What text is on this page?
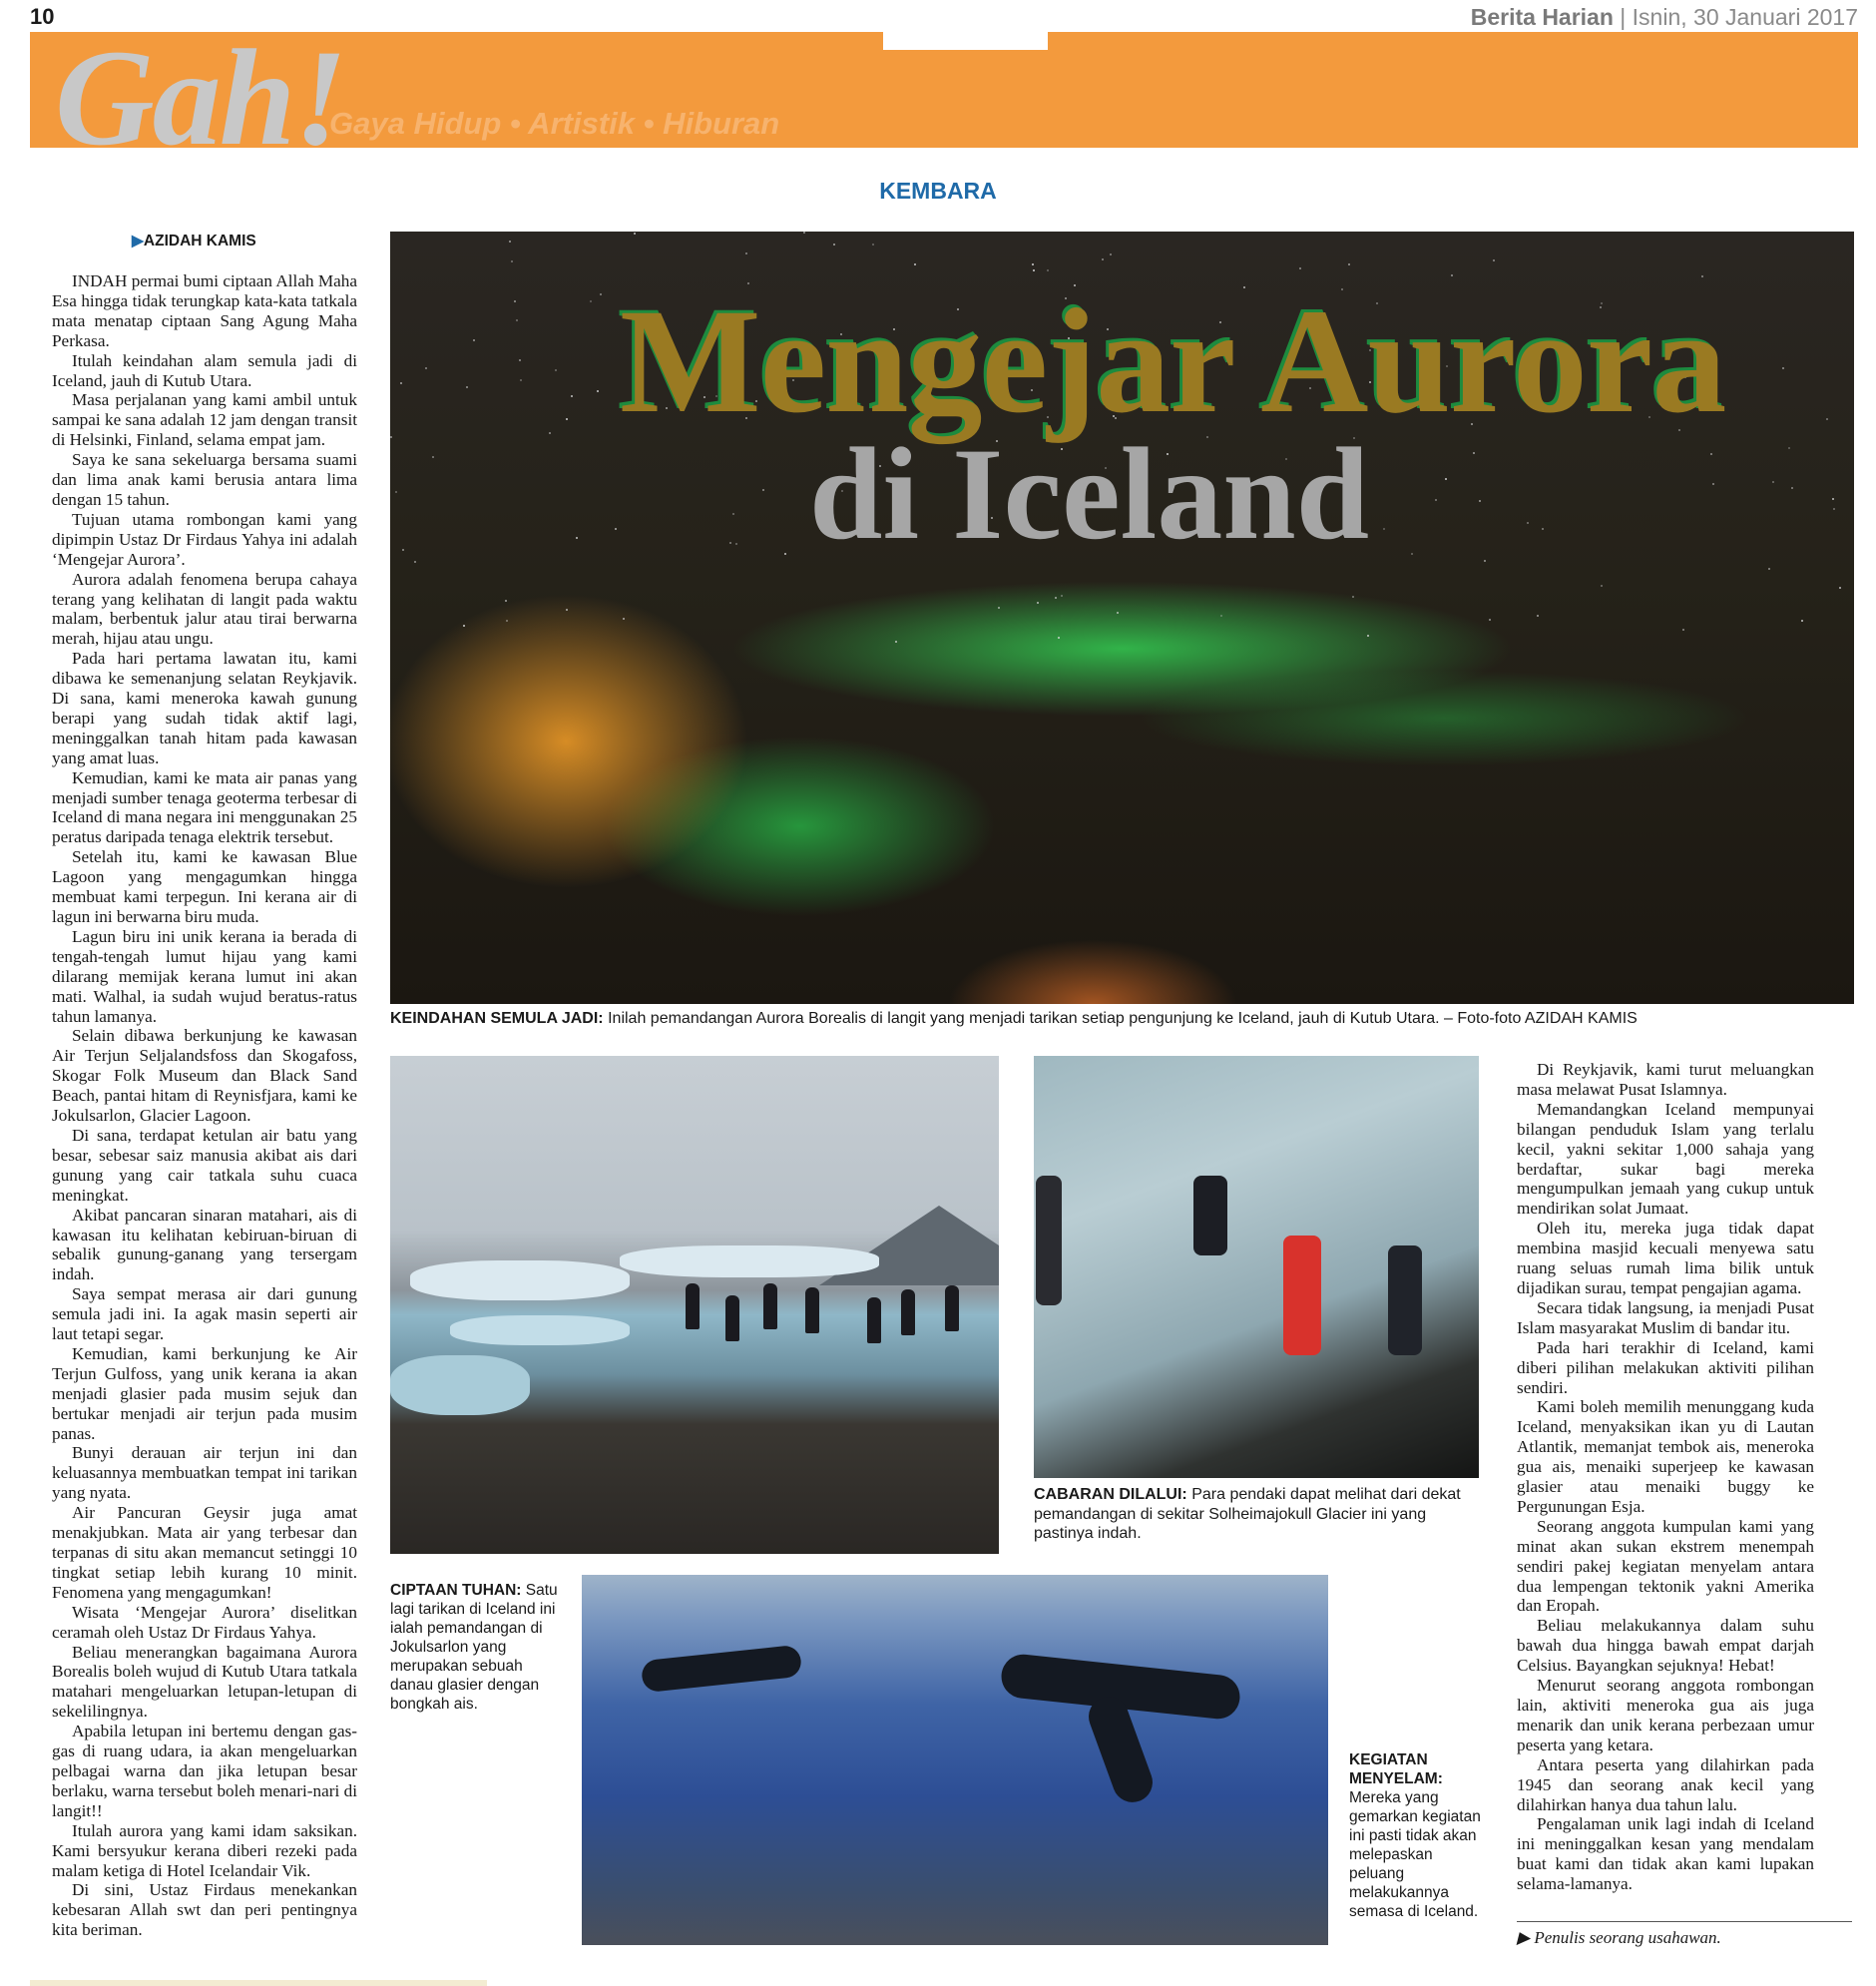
10	Berita Harian | Isnin, 30 Januari 2017
Gah!
Gaya Hidup • Artistik • Hiburan
KEMBARA
▶AZIDAH KAMIS

INDAH permai bumi ciptaan Allah Maha Esa hingga tidak terungkap kata-kata tatkala mata menatap ciptaan Sang Agung Maha Perkasa.

Itulah keindahan alam semula jadi di Iceland, jauh di Kutub Utara.

Masa perjalanan yang kami ambil untuk sampai ke sana adalah 12 jam dengan transit di Helsinki, Finland, selama empat jam.

Saya ke sana sekeluarga bersama suami dan lima anak kami berusia antara lima dengan 15 tahun.

Tujuan utama rombongan kami yang dipimpin Ustaz Dr Firdaus Yahya ini adalah ‘Mengejar Aurora’.

Aurora adalah fenomena berupa cahaya terang yang kelihatan di langit pada waktu malam, berbentuk jalur atau tirai berwarna merah, hijau atau ungu.

Pada hari pertama lawatan itu, kami dibawa ke semenanjung selatan Reykjavik. Di sana, kami meneroka kawah gunung berapi yang sudah tidak aktif lagi, meninggalkan tanah hitam pada kawasan yang amat luas.

Kemudian, kami ke mata air panas yang menjadi sumber tenaga geoterma terbesar di Iceland di mana negara ini menggunakan 25 peratus daripada tenaga elektrik tersebut.

Setelah itu, kami ke kawasan Blue Lagoon yang mengagumkan hingga membuat kami terpegun. Ini kerana air di lagun ini berwarna biru muda.

Lagun biru ini unik kerana ia berada di tengah-tengah lumut hijau yang kami dilarang memijak kerana lumut ini akan mati. Walhal, ia sudah wujud beratus-ratus tahun lamanya.

Selain dibawa berkunjung ke kawasan Air Terjun Seljalandsfoss dan Skogafoss, Skogar Folk Museum dan Black Sand Beach, pantai hitam di Reynisfjara, kami ke Jokulsarlon, Glacier Lagoon.

Di sana, terdapat ketulan air batu yang besar, sebesar saiz manusia akibat ais dari gunung yang cair tatkala suhu cuaca meningkat.

Akibat pancaran sinaran matahari, ais di kawasan itu kelihatan kebiruan-biruan di sebalik gunung-ganang yang tersergam indah.

Saya sempat merasa air dari gunung semula jadi ini. Ia agak masin seperti air laut tetapi segar.

Kemudian, kami berkunjung ke Air Terjun Gulfoss, yang unik kerana ia akan menjadi glasier pada musim sejuk dan bertukar menjadi air terjun pada musim panas.

Bunyi derauan air terjun ini dan keluasannya membuatkan tempat ini tarikan yang nyata.

Air Pancuran Geysir juga amat menakjubkan. Mata air yang terbesar dan terpanas di situ akan memancut setinggi 10 tingkat setiap lebih kurang 10 minit. Fenomena yang mengagumkan!

Wisata ‘Mengejar Aurora’ diselitkan ceramah oleh Ustaz Dr Firdaus Yahya.

Beliau menerangkan bagaimana Aurora Borealis boleh wujud di Kutub Utara tatkala matahari mengeluarkan letupan-letupan di sekelilingnya.

Apabila letupan ini bertemu dengan gas-gas di ruang udara, ia akan mengeluarkan pelbagai warna dan jika letupan besar berlaku, warna tersebut boleh menari-nari di langit!!

Itulah aurora yang kami idam saksikan. Kami bersyukur kerana diberi rezeki pada malam ketiga di Hotel Icelandair Vik.

Di sini, Ustaz Firdaus menekankan kebesaran Allah swt dan peri pentingnya kita beriman.

Mengejar Aurora
di Iceland
KEINDAHAN SEMULA JADI: Inilah pemandangan Aurora Borealis di langit yang menjadi tarikan setiap pengunjung ke Iceland, jauh di Kutub Utara. – Foto-foto AZIDAH KAMIS
CIPTAAN TUHAN: Satu lagi tarikan di Iceland ini ialah pemandangan di Jokulsarlon yang merupakan sebuah danau glasier dengan bongkah ais.
CABARAN DILALUI: Para pendaki dapat melihat dari dekat pemandangan di sekitar Solheimajokull Glacier ini yang pastinya indah.
KEGIATAN MENYELAM:
Mereka yang gemarkan kegiatan ini pasti tidak akan melepaskan peluang melakukannya semasa di Iceland.

Di Reykjavik, kami turut meluangkan masa melawat Pusat Islamnya.

Memandangkan Iceland mempunyai bilangan penduduk Islam yang terlalu kecil, yakni sekitar 1,000 sahaja yang berdaftar, sukar bagi mereka mengumpulkan jemaah yang cukup untuk mendirikan solat Jumaat.

Oleh itu, mereka juga tidak dapat membina masjid kecuali menyewa satu ruang seluas rumah lima bilik untuk dijadikan surau, tempat pengajian agama.

Secara tidak langsung, ia menjadi Pusat Islam masyarakat Muslim di bandar itu.

Pada hari terakhir di Iceland, kami diberi pilihan melakukan aktiviti pilihan sendiri.

Kami boleh memilih menunggang kuda Iceland, menyaksikan ikan yu di Lautan Atlantik, memanjat tembok ais, meneroka gua ais, menaiki superjeep ke kawasan glasier atau menaiki buggy ke Pergunungan Esja.

Seorang anggota kumpulan kami yang minat akan sukan ekstrem menempah sendiri pakej kegiatan menyelam antara dua lempengan tektonik yakni Amerika dan Eropah.

Beliau melakukannya dalam suhu bawah dua hingga bawah empat darjah Celsius. Bayangkan sejuknya! Hebat!

Menurut seorang anggota rombongan lain, aktiviti meneroka gua ais juga menarik dan unik kerana perbezaan umur peserta yang ketara.

Antara peserta yang dilahirkan pada 1945 dan seorang anak kecil yang dilahirkan hanya dua tahun lalu.

Pengalaman unik lagi indah di Iceland ini meninggalkan kesan yang mendalam buat kami dan tidak akan kami lupakan selama-lamanya.

▶ Penulis seorang usahawan.
